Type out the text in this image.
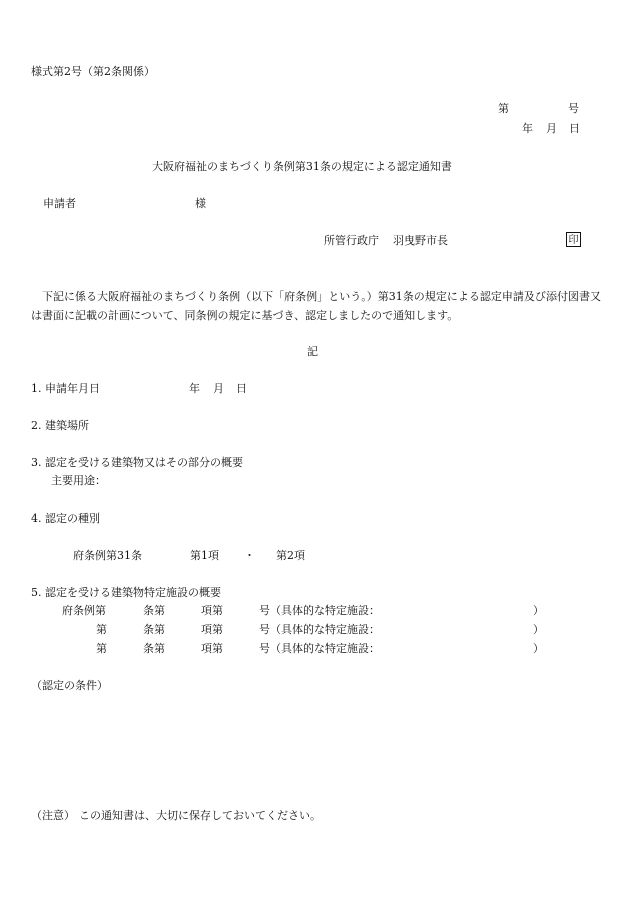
様式第2号（第2条関係）
第	号
年 月 日
大阪府福祉のまちづくり条例第31条の規定による認定通知書
申請者	様
所管行政庁 羽曳野市長	印
下記に係る大阪府福祉のまちづくり条例（以下「府条例」という。）第31条の規定による認定申請及び添付図書又は書面に記載の計画について、同条例の規定に基づき、認定しましたので通知します。
記
1. 申請年月日	年 月 日
2. 建築場所
3. 認定を受ける建築物又はその部分の概要
主要用途：
4. 認定の種別
府条例第31条	第1項 ・ 第2項
5. 認定を受ける建築物特定施設の概要
府条例第	条第	項第	号（具体的な特定施設：	）
第	条第	項第	号（具体的な特定施設：	）
第	条第	項第	号（具体的な特定施設：	）
（認定の条件）
（注意） この通知書は、大切に保存しておいてください。
